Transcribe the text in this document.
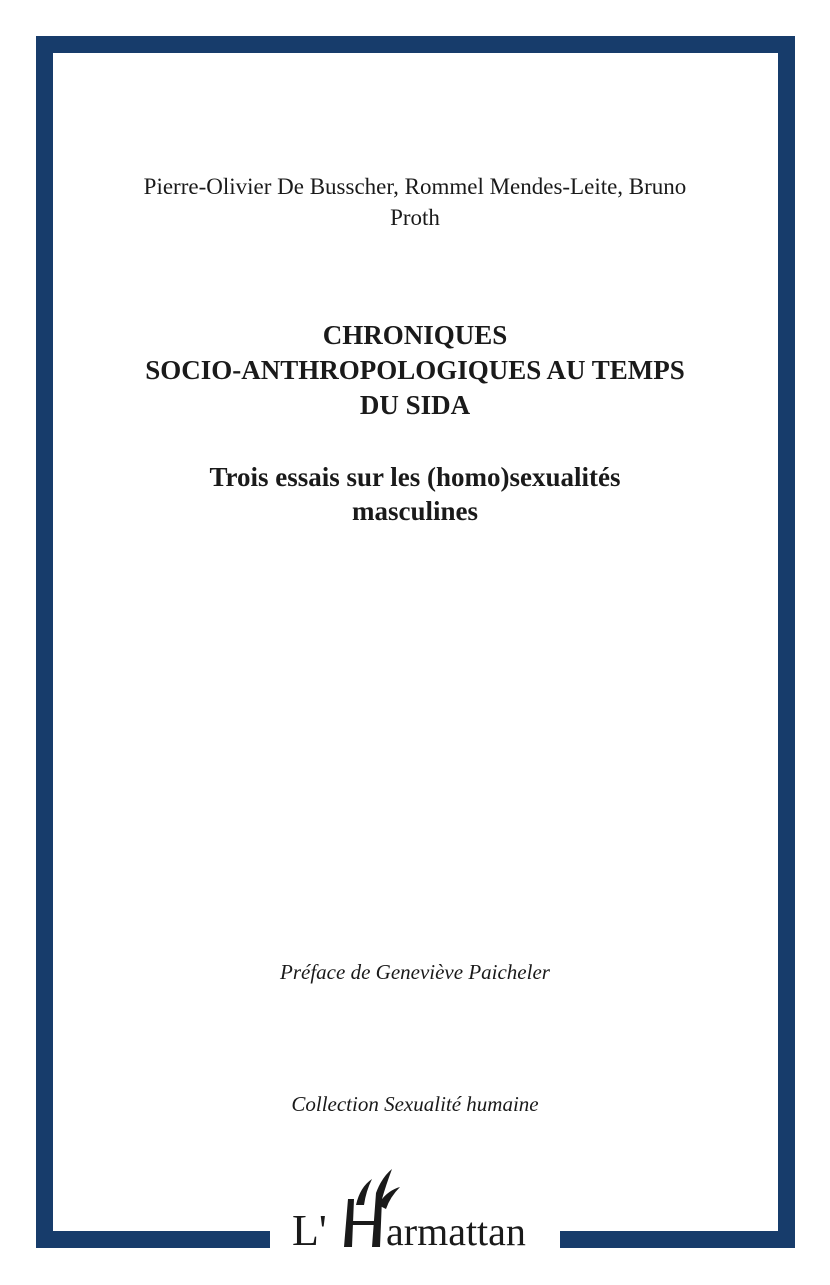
Pierre-Olivier De Busscher, Rommel Mendes-Leite, Bruno
Proth
CHRONIQUES
SOCIO-ANTHROPOLOGIQUES AU TEMPS
DU SIDA
Trois essais sur les (homo)sexualités
masculines
Préface de Geneviève Paicheler
Collection Sexualité humaine
L' armattan
